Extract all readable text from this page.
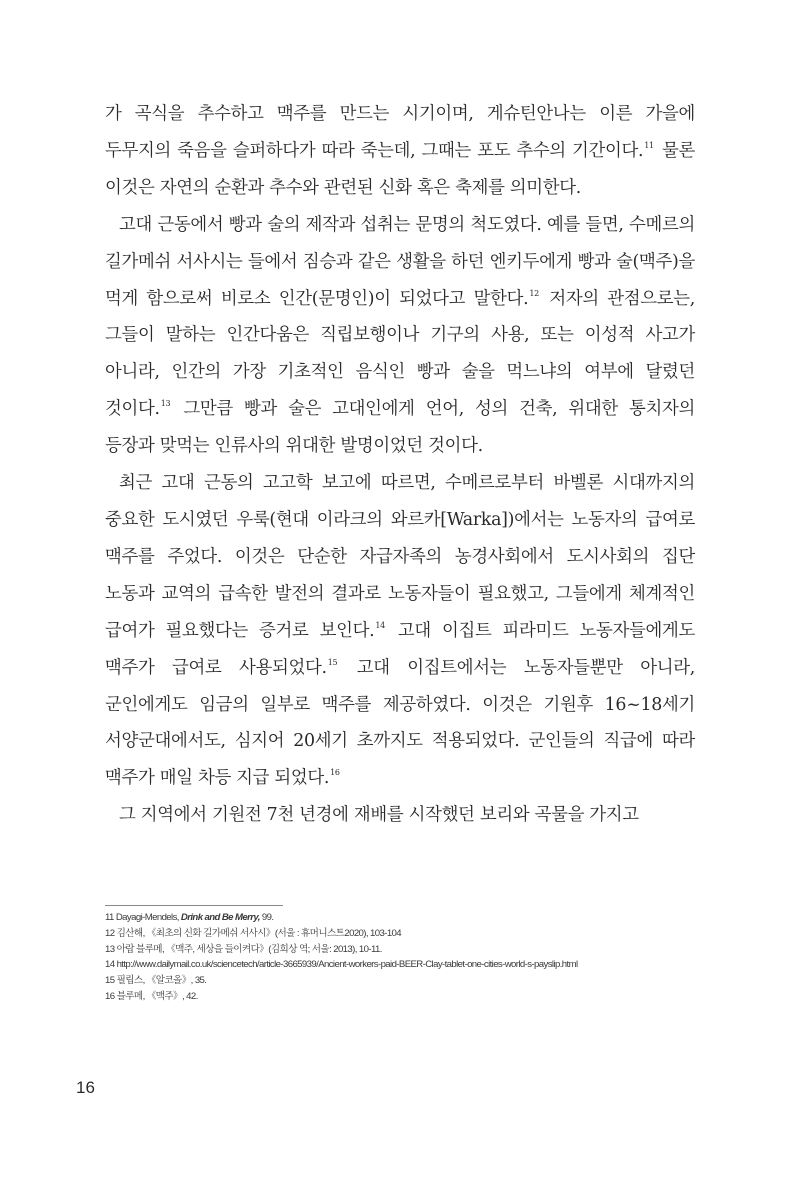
가 곡식을 추수하고 맥주를 만드는 시기이며, 게슈틴안나는 이른 가을에 두무지의 죽음을 슬퍼하다가 따라 죽는데, 그때는 포도 추수의 기간이다.$^{11}$ 물론 이것은 자연의 순환과 추수와 관련된 신화 혹은 축제를 의미한다.

고대 근동에서 빵과 술의 제작과 섭취는 문명의 척도였다. 예를 들면, 수메르의 길가메쉬 서사시는 들에서 짐승과 같은 생활을 하던 엔키두에게 빵과 술(맥주)을 먹게 함으로써 비로소 인간(문명인)이 되었다고 말한다.$^{12}$ 저자의 관점으로는, 그들이 말하는 인간다움은 직립보행이나 기구의 사용, 또는 이성적 사고가 아니라, 인간의 가장 기초적인 음식인 빵과 술을 먹느냐의 여부에 달렸던 것이다.$^{13}$ 그만큼 빵과 술은 고대인에게 언어, 성의 건축, 위대한 통치자의 등장과 맞먹는 인류사의 위대한 발명이었던 것이다.

최근 고대 근동의 고고학 보고에 따르면, 수메르로부터 바벨론 시대까지의 중요한 도시였던 우룩(현대 이라크의 와르카[Warka])에서는 노동자의 급여로 맥주를 주었다. 이것은 단순한 자급자족의 농경사회에서 도시사회의 집단 노동과 교역의 급속한 발전의 결과로 노동자들이 필요했고, 그들에게 체계적인 급여가 필요했다는 증거로 보인다.$^{14}$ 고대 이집트 피라미드 노동자들에게도 맥주가 급여로 사용되었다.$^{15}$ 고대 이집트에서는 노동자들뿐만 아니라, 군인에게도 임금의 일부로 맥주를 제공하였다. 이것은 기원후 16~18세기 서양군대에서도, 심지어 20세기 초까지도 적용되었다. 군인들의 직급에 따라 맥주가 매일 차등 지급 되었다.$^{16}$

그 지역에서 기원전 7천 년경에 재배를 시작했던 보리와 곡물을 가지고

11 Dayagi-Mendels, Drink and Be Merry, 99.
12 김산해, 《최초의 신화 길가메쉬 서사시》(서울 : 휴머니스트2020), 103-104
13 아랍 블루메, 《맥주, 세상을 들이켜다》(김희상 역; 서울: 2013), 10-11.
14 http://www.dailymail.co.uk/sciencetech/article-3665939/Ancient-workers-paid-BEER-Clay-tablet-one-cities-world-s-payslip.html
15 필립스, 《알코올》, 35.
16 블루메, 《맥주》, 42.
16
